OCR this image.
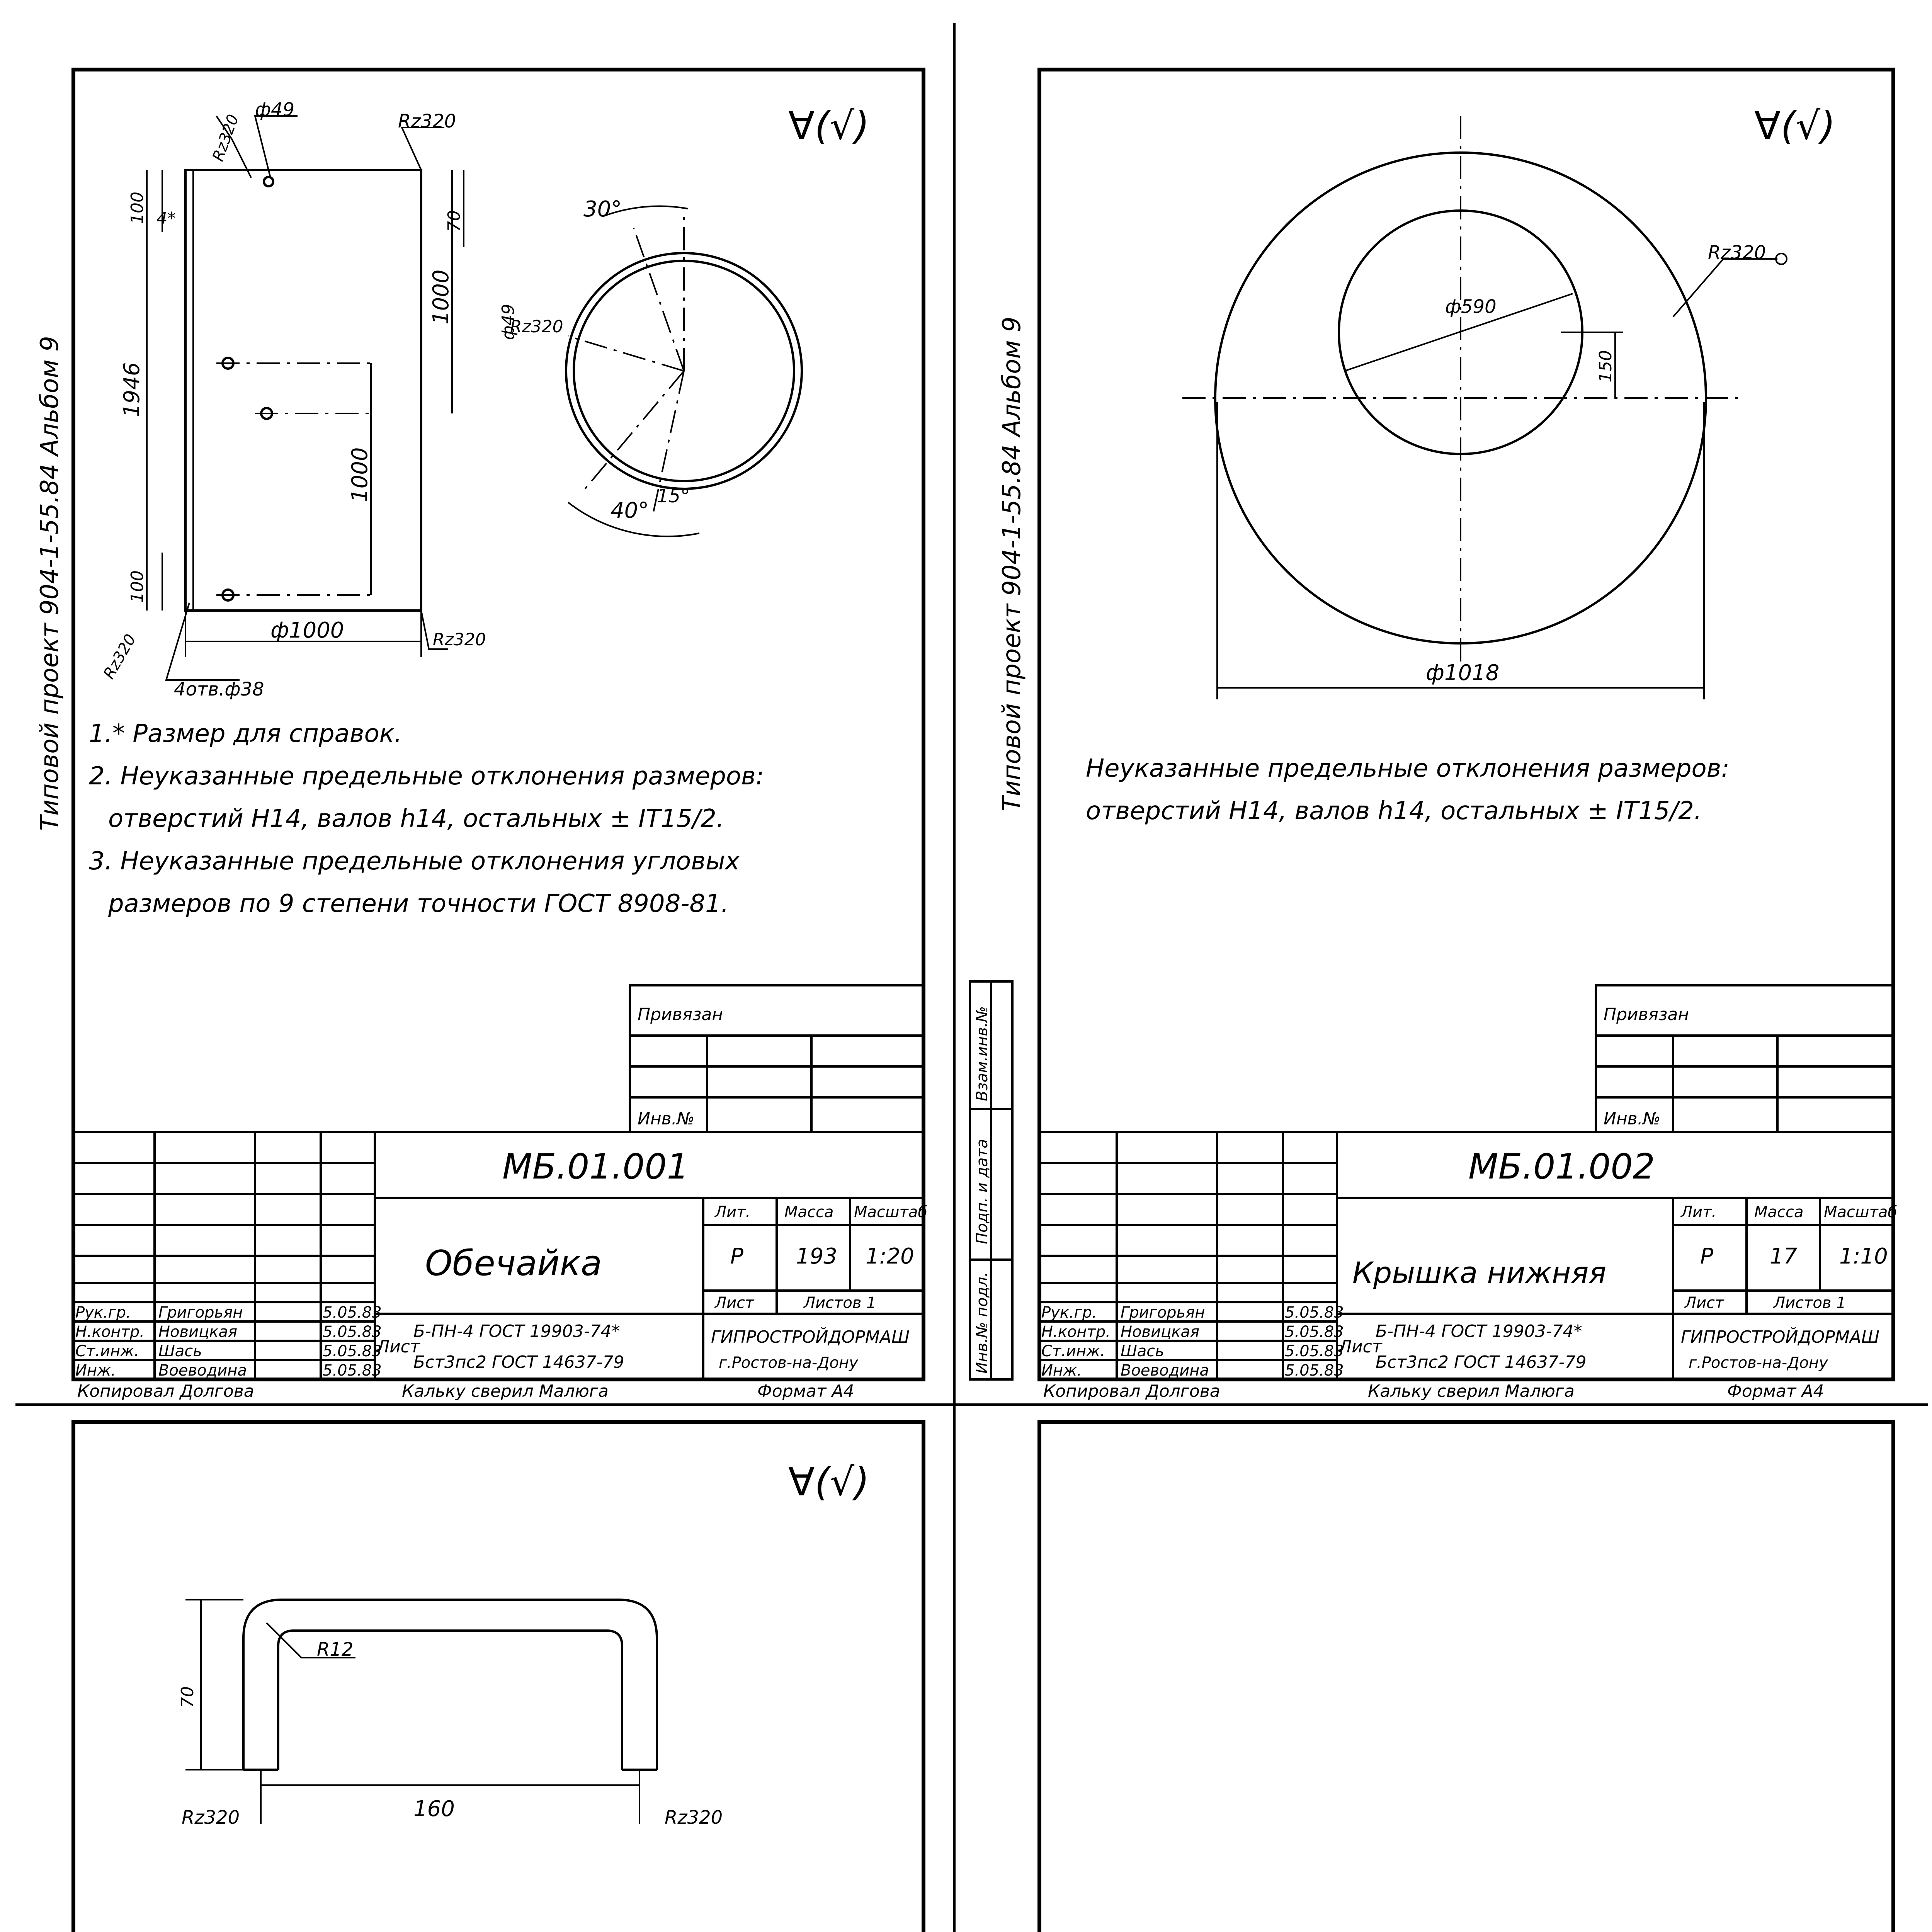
Типовой проект 904-1-55.84 Альбом 9
∀(√)
ф49
Rz320	Rz320
100 4*	70
1000
1946
1000
100
ф1000	Rz320
Rz320
4отв.ф38
30°
ф49
Rz320
40°
15°
1.* Размер для справок.
2. Неуказанные предельные отклонения размеров:
отверстий H14, валов h14, остальных ± IT15/2.
3. Неуказанные предельные отклонения угловых
размеров по 9 степени точности ГОСТ 8908-81.
Типовой проект 904-1-55.84 Альбом 9
∀(√)
Rz320
ф590
150
ф1018
Неуказанные предельные отклонения размеров:
отверстий H14, валов h14, остальных ± IT15/2.
Взам.инв.№
Подп. и дата
Инв.№ подл.
∀(√)
70
R12
160
Rz320	Rz320
Привязан
Инв.№
МБ.01.001
Обечайка
Лит. Масса Масштаб
Р 193 1:20
Лист	Листов 1
ГИПРОСТРОЙДОРМАШ
г.Ростов-на-Дону
Лист
Б-ПН-4 ГОСТ 19903-74*
Бст3пс2 ГОСТ 14637-79
Рук.гр. Григорьян	5.05.83
Н.контр. Новицкая	5.05.83
Ст.инж. Шась	5.05.83
Инж.	Воеводина	5.05.83
Копировал Долгова	Кальку сверил Малюга	Формат А4
Привязан
Инв.№
МБ.01.002
Крышка нижняя
Лит. Масса Масштаб
Р	17 1:10
Лист	Листов 1
ГИПРОСТРОЙДОРМАШ
г.Ростов-на-Дону
Лист
Б-ПН-4 ГОСТ 19903-74*
Бст3пс2 ГОСТ 14637-79
Рук.гр. Григорьян	5.05.83
Н.контр. Новицкая	5.05.83
Ст.инж. Шась	5.05.83
Инж.	Воеводина	5.05.83
Копировал Долгова	Кальку сверил Малюга	Формат А4
